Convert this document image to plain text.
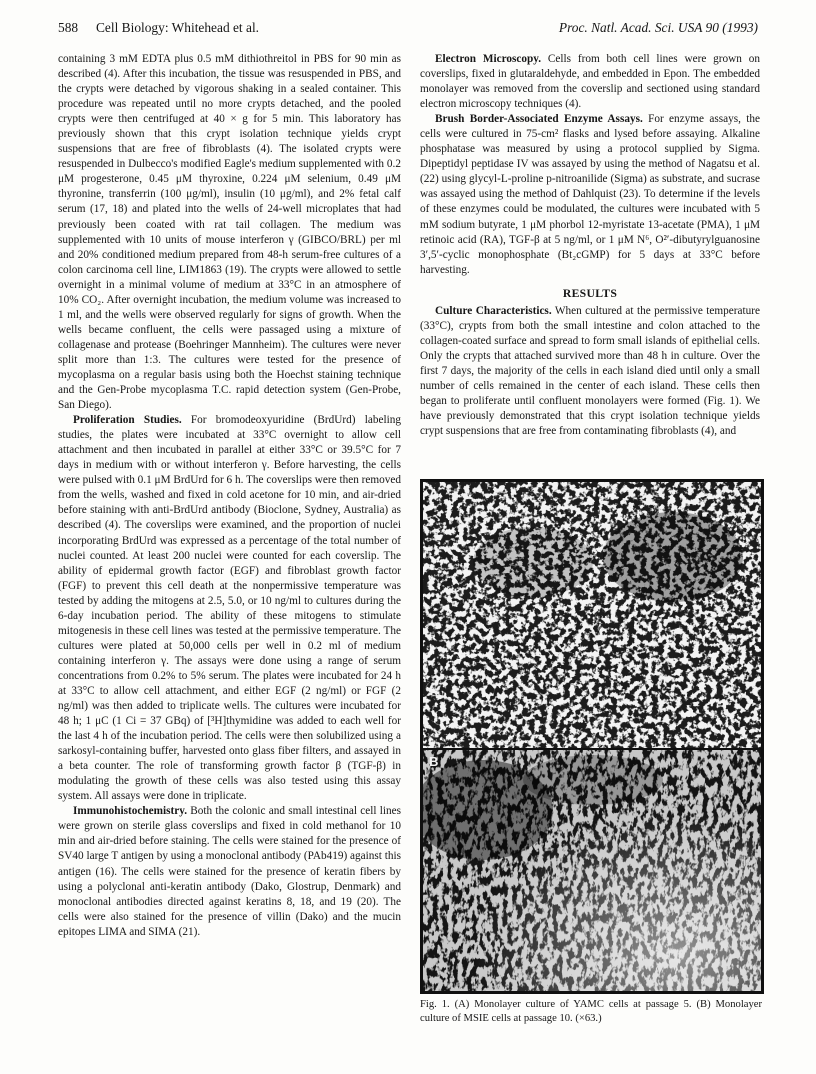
588 Cell Biology: Whitehead et al.	Proc. Natl. Acad. Sci. USA 90 (1993)

containing 3 mM EDTA plus 0.5 mM dithiothreitol in PBS for 90 min as described (4). After this incubation, the tissue was resuspended in PBS, and the crypts were detached by vigorous shaking in a sealed container. This procedure was repeated until no more crypts detached, and the pooled crypts were then centrifuged at 40 × g for 5 min. This laboratory has previously shown that this crypt isolation technique yields crypt suspensions that are free of fibroblasts (4). The isolated crypts were resuspended in Dulbecco's modified Eagle's medium supplemented with 0.2 μM progesterone, 0.45 μM thyroxine, 0.224 μM selenium, 0.49 μM thyronine, transferrin (100 μg/ml), insulin (10 μg/ml), and 2% fetal calf serum (17, 18) and plated into the wells of 24-well microplates that had previously been coated with rat tail collagen. The medium was supplemented with 10 units of mouse interferon γ (GIBCO/BRL) per ml and 20% conditioned medium prepared from 48-h serum-free cultures of a colon carcinoma cell line, LIM1863 (19). The crypts were allowed to settle overnight in a minimal volume of medium at 33°C in an atmosphere of 10% CO₂. After overnight incubation, the medium volume was increased to 1 ml, and the wells were observed regularly for signs of growth. When the wells became confluent, the cells were passaged using a mixture of collagenase and protease (Boehringer Mannheim). The cultures were never split more than 1:3. The cultures were tested for the presence of mycoplasma on a regular basis using both the Hoechst staining technique and the Gen-Probe mycoplasma T.C. rapid detection system (Gen-Probe, San Diego).

Proliferation Studies. For bromodeoxyuridine (BrdUrd) labeling studies, the plates were incubated at 33°C overnight to allow cell attachment and then incubated in parallel at either 33°C or 39.5°C for 7 days in medium with or without interferon γ. Before harvesting, the cells were pulsed with 0.1 μM BrdUrd for 6 h. The coverslips were then removed from the wells, washed and fixed in cold acetone for 10 min, and air-dried before staining with anti-BrdUrd antibody (Bioclone, Sydney, Australia) as described (4). The coverslips were examined, and the proportion of nuclei incorporating BrdUrd was expressed as a percentage of the total number of nuclei counted. At least 200 nuclei were counted for each coverslip. The ability of epidermal growth factor (EGF) and fibroblast growth factor (FGF) to prevent this cell death at the nonpermissive temperature was tested by adding the mitogens at 2.5, 5.0, or 10 ng/ml to cultures during the 6-day incubation period. The ability of these mitogens to stimulate mitogenesis in these cell lines was tested at the permissive temperature. The cultures were plated at 50,000 cells per well in 0.2 ml of medium containing interferon γ. The assays were done using a range of serum concentrations from 0.2% to 5% serum. The plates were incubated for 24 h at 33°C to allow cell attachment, and either EGF (2 ng/ml) or FGF (2 ng/ml) was then added to triplicate wells. The cultures were incubated for 48 h; 1 μC (1 Ci = 37 GBq) of [³H]thymidine was added to each well for the last 4 h of the incubation period. The cells were then solubilized using a sarkosyl-containing buffer, harvested onto glass fiber filters, and assayed in a beta counter. The role of transforming growth factor β (TGF-β) in modulating the growth of these cells was also tested using this assay system. All assays were done in triplicate.

Immunohistochemistry. Both the colonic and small intestinal cell lines were grown on sterile glass coverslips and fixed in cold methanol for 10 min and air-dried before staining. The cells were stained for the presence of SV40 large T antigen by using a monoclonal antibody (PAb419) against this antigen (16). The cells were stained for the presence of keratin fibers by using a polyclonal anti-keratin antibody (Dako, Glostrup, Denmark) and monoclonal antibodies directed against keratins 8, 18, and 19 (20). The cells were also stained for the presence of villin (Dako) and the mucin epitopes LIMA and SIMA (21).

Electron Microscopy. Cells from both cell lines were grown on coverslips, fixed in glutaraldehyde, and embedded in Epon. The embedded monolayer was removed from the coverslip and sectioned using standard electron microscopy techniques (4).

Brush Border-Associated Enzyme Assays. For enzyme assays, the cells were cultured in 75-cm² flasks and lysed before assaying. Alkaline phosphatase was measured by using a protocol supplied by Sigma. Dipeptidyl peptidase IV was assayed by using the method of Nagatsu et al. (22) using glycyl-L-proline p-nitroanilide (Sigma) as substrate, and sucrase was assayed using the method of Dahlquist (23). To determine if the levels of these enzymes could be modulated, the cultures were incubated with 5 mM sodium butyrate, 1 μM phorbol 12-myristate 13-acetate (PMA), 1 μM retinoic acid (RA), TGF-β at 5 ng/ml, or 1 μM N⁶, O²′-dibutyrylguanosine 3′,5′-cyclic monophosphate (Bt₂cGMP) for 5 days at 33°C before harvesting.

RESULTS

Culture Characteristics. When cultured at the permissive temperature (33°C), crypts from both the small intestine and colon attached to the collagen-coated surface and spread to form small islands of epithelial cells. Only the crypts that attached survived more than 48 h in culture. Over the first 7 days, the majority of the cells in each island died until only a small number of cells remained in the center of each island. These cells then began to proliferate until confluent monolayers were formed (Fig. 1). We have previously demonstrated that this crypt isolation technique yields crypt suspensions that are free from contaminating fibroblasts (4), and

A
B
Fig. 1. (A) Monolayer culture of YAMC cells at passage 5. (B) Monolayer culture of MSIE cells at passage 10. (×63.)
